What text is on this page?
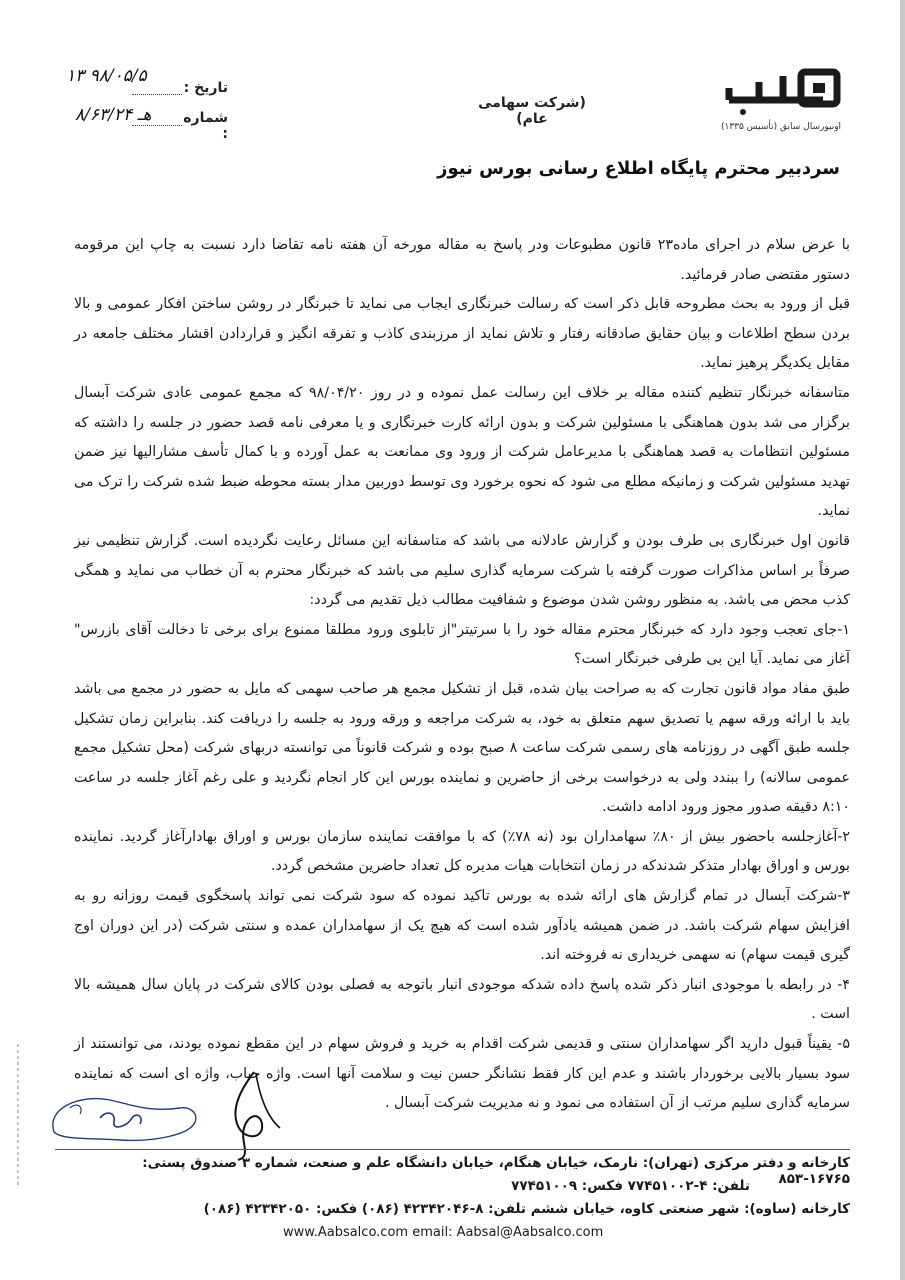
اونیورسال سابق (تأسیس ۱۳۳۵)
(شرکت سهامی عام)
تاریخ :
۱۳ ۹۸/۰۵/۵
شماره :
۸/۶۳/۲۴ هـ
سردبیر محترم پایگاه اطلاع رسانی بورس نیوز

با عرض سلام در اجرای ماده۲۳ قانون مطبوعات ودر پاسخ به مقاله مورخه آن هفته نامه تقاضا دارد نسبت به چاپ این مرقومه دستور مقتضی صادر فرمائید.

قبل از ورود به بحث مطروحه قابل ذکر است که رسالت خبرنگاری ایجاب می نماید تا خبرنگار در روشن ساختن افکار عمومی و بالا بردن سطح اطلاعات و بیان حقایق صادقانه رفتار و تلاش نماید از مرزبندی کاذب و تفرقه انگیز و قراردادن اقشار مختلف جامعه در مقابل یکدیگر پرهیز نماید.

متاسفانه خبرنگار تنظیم کننده مقاله بر خلاف این رسالت عمل نموده و در روز ۹۸/۰۴/۲۰ که مجمع عمومی عادی شرکت آبسال برگزار می شد بدون هماهنگی با مسئولین شرکت و بدون ارائه کارت خبرنگاری و یا معرفی نامه قصد حضور در جلسه را داشته که مسئولین انتظامات به قصد هماهنگی با مدیرعامل شرکت از ورود وی ممانعت به عمل آورده و با کمال تأسف مشارالیها نیز ضمن تهدید مسئولین شرکت و زمانیکه مطلع می شود که نحوه برخورد وی توسط دوربین مدار بسته محوطه ضبط شده شرکت را ترک می نماید.

قانون اول خبرنگاری بی طرف بودن و گزارش عادلانه می باشد که متاسفانه این مسائل رعایت نگردیده است. گزارش تنظیمی نیز صرفاً بر اساس مذاکرات صورت گرفته با شرکت سرمایه گذاری سلیم می باشد که خبرنگار محترم به آن خطاب می نماید و همگی کذب محض می باشد. به منظور روشن شدن موضوع و شفافیت مطالب ذیل تقدیم می گردد:

۱-جای تعجب وجود دارد که خبرنگار محترم مقاله خود را با سرتیتر"از تابلوی ورود مطلقا ممنوع برای برخی تا دخالت آقای بازرس" آغاز می نماید. آیا این بی طرفی خبرنگار است؟

طبق مفاد مواد قانون تجارت که به صراحت بیان شده، قبل از تشکیل مجمع هر صاحب سهمی که مایل به حضور در مجمع می باشد باید با ارائه ورقه سهم یا تصدیق سهم متعلق به خود، به شرکت مراجعه و ورقه ورود به جلسه را دریافت کند. بنابراین زمان تشکیل جلسه طبق آگهی در روزنامه های رسمی شرکت ساعت ۸ صبح بوده و شرکت قانوناً می توانسته دربهای شرکت (محل تشکیل مجمع عمومی سالانه) را ببندد ولی به درخواست برخی از حاضرین و نماینده بورس این کار انجام نگردید و علی رغم آغاز جلسه در ساعت ۸:۱۰ دقیقه صدور مجوز ورود ادامه داشت.

۲-آغازجلسه باحضور بیش از ۸۰٪ سهامداران بود (نه ۷۸٪) که با موافقت نماینده سازمان بورس و اوراق بهادارآغاز گردید. نماینده بورس و اوراق بهادار متذکر شدندکه در زمان انتخابات هیات مدیره کل تعداد حاضرین مشخص گردد.

۳-شرکت آبسال در تمام گزارش های ارائه شده به بورس تاکید نموده که سود شرکت نمی تواند پاسخگوی قیمت روزانه رو به افزایش سهام شرکت باشد. در ضمن همیشه یادآور شده است که هیچ یک از سهامداران عمده و سنتی شرکت (در این دوران اوج گیری قیمت سهام) نه سهمی خریداری نه فروخته اند.

۴- در رابطه با موجودی انبار ذکر شده پاسخ داده شدکه موجودی انبار باتوجه به فصلی بودن کالای شرکت در پایان سال همیشه بالا است .

۵- یقیناً قبول دارید اگر سهامداران سنتی و قدیمی شرکت اقدام به خرید و فروش سهام در این مقطع نموده بودند، می توانستند از سود بسیار بالایی برخوردار باشند و عدم این کار فقط نشانگر حسن نیت و سلامت آنها است. واژه حباب، واژه ای است که نماینده سرمایه گذاری سلیم مرتب از آن استفاده می نمود و نه مدیریت شرکت آبسال .

کارخانه و دفتر مرکزی (تهران): نارمک، خیابان هنگام، خیابان دانشگاه علم و صنعت، شماره ۳ صندوق پستی: ۱۶۷۶۵-۸۵۳
تلفن: ۴-۷۷۴۵۱۰۰۲ فکس: ۷۷۴۵۱۰۰۹
کارخانه (ساوه): شهر صنعتی کاوه، خیابان ششم تلفن: ۸-۴۲۳۴۲۰۴۶ (۰۸۶) فکس: ۴۲۳۴۲۰۵۰ (۰۸۶)
www.Aabsalco.com email: Aabsal@Aabsalco.com
